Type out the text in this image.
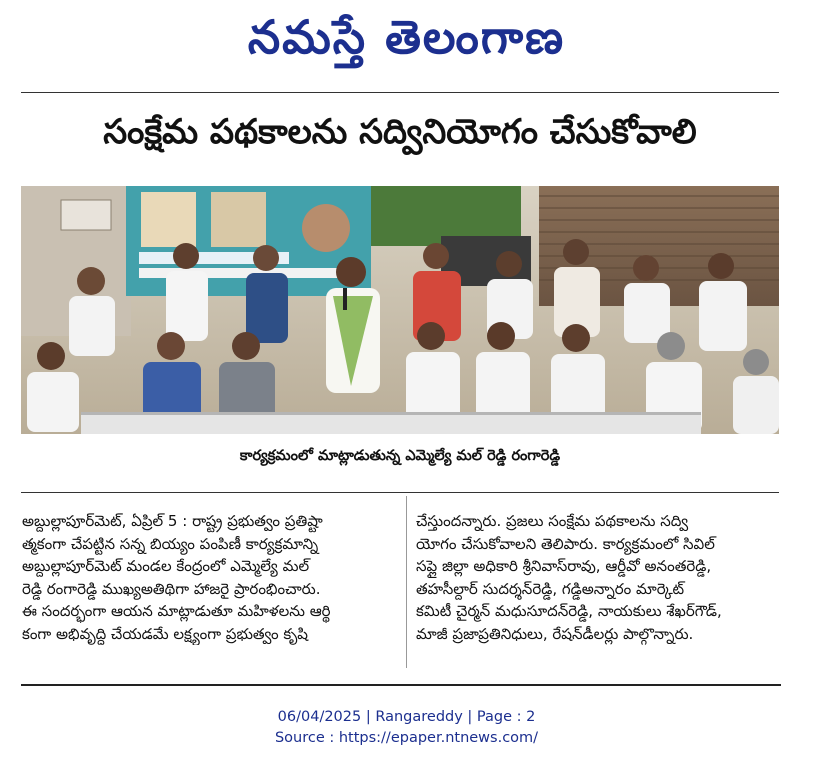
నమస్తే తెలంగాణ
సంక్షేమ పథకాలను సద్వినియోగం చేసుకోవాలి
కార్యక్రమంలో మాట్లాడుతున్న ఎమ్మెల్యే మల్ రెడ్డి రంగారెడ్డి
అబ్దుల్లాపూర్‌మెట్, ఏప్రిల్ 5 : రాష్ట్ర ప్రభుత్వం ప్రతిష్టా
త్మకంగా చేపట్టిన సన్న బియ్యం పంపిణీ కార్యక్రమాన్ని
అబ్దుల్లాపూర్‌మెట్ మండల కేంద్రంలో ఎమ్మెల్యే మల్
రెడ్డి రంగారెడ్డి ముఖ్యఅతిథిగా హాజరై ప్రారంభించారు.
ఈ సందర్భంగా ఆయన మాట్లాడుతూ మహిళలను ఆర్థి
కంగా అభివృద్ధి చేయడమే లక్ష్యంగా ప్రభుత్వం కృషి
చేస్తుందన్నారు. ప్రజలు సంక్షేమ పథకాలను సద్వి
యోగం చేసుకోవాలని తెలిపారు. కార్యక్రమంలో సివిల్
సప్లై జిల్లా అధికారి శ్రీనివాస్‌రావు, ఆర్డీవో అనంతరెడ్డి,
తహసీల్దార్ సుదర్శన్‌రెడ్డి, గడ్డిఅన్నారం మార్కెట్
కమిటీ చైర్మన్ మధుసూదన్‌రెడ్డి, నాయకులు శేఖర్‌గౌడ్,
మాజీ ప్రజాప్రతినిధులు, రేషన్‌డీలర్లు పాల్గొన్నారు.
06/04/2025 | Rangareddy | Page : 2
Source : https://epaper.ntnews.com/
